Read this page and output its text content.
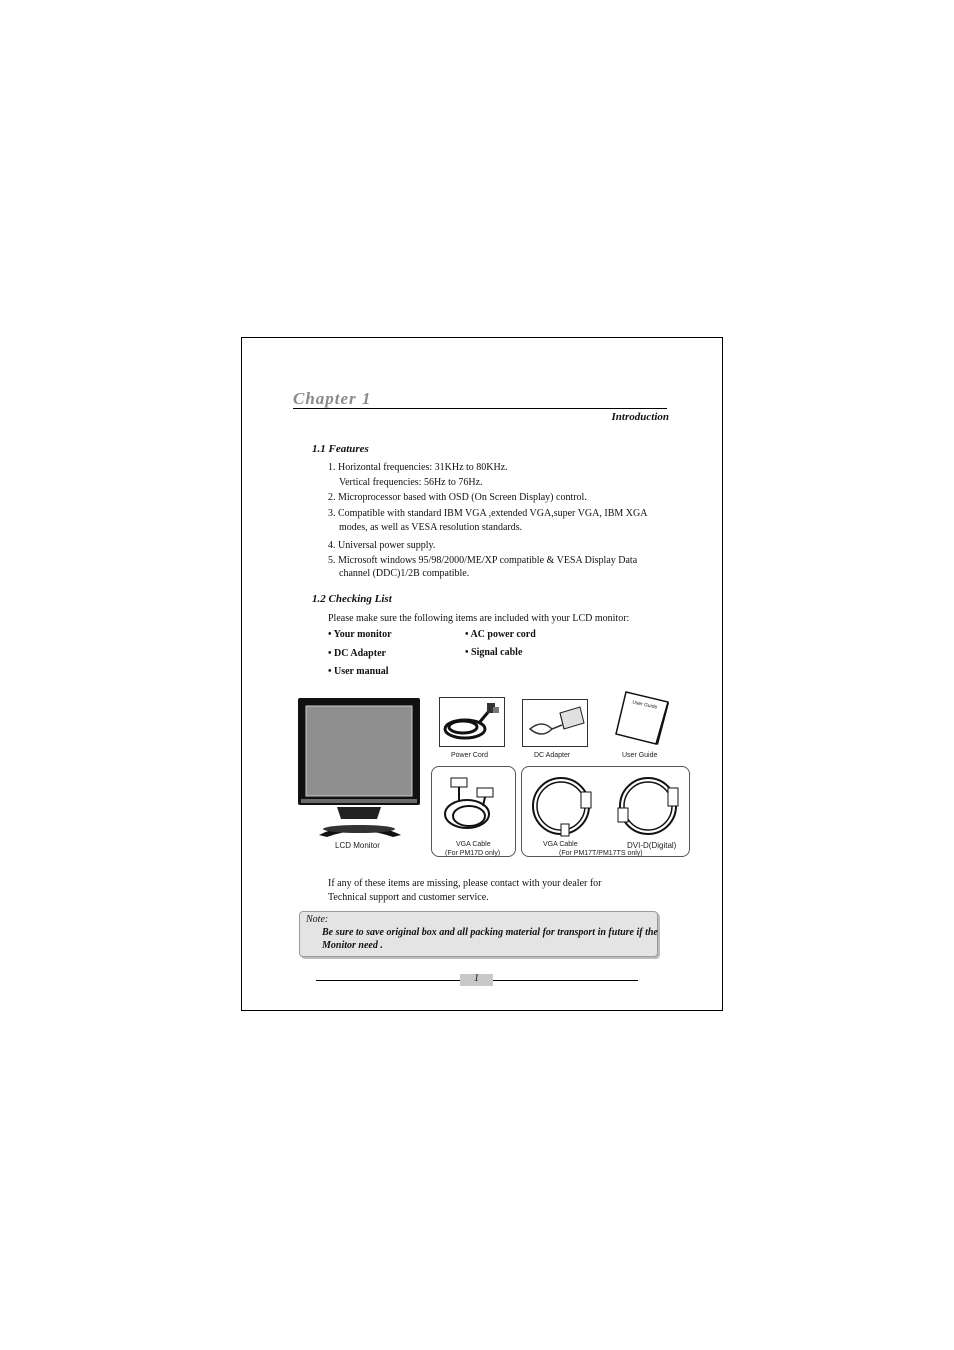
Chapter 1
Introduction
1.1 Features
1. Horizontal frequencies: 31KHz to 80KHz.
Vertical frequencies: 56Hz to 76Hz.
2. Microprocessor based with OSD (On Screen Display) control.
3. Compatible with standard IBM VGA ,extended VGA,super VGA, IBM XGA
modes, as well as VESA resolution standards.
4. Universal power supply.
5. Microsoft windows 95/98/2000/ME/XP compatible & VESA Display Data
channel (DDC)1/2B compatible.
1.2 Checking List
Please make sure the following items are included with your LCD monitor:
• Your monitor	• AC power cord
• DC Adapter	• Signal cable
• User manual
LCD Monitor
Power Cord	DC Adapter
User Guide
User Guide
VGA Cable
(For PM17D only)
VGA Cable	DVI-D(Digital)
(For PM17T/PM17TS only)
If any of these items are missing, please contact with your dealer for
Technical support and customer service.
Note:
Be sure to save original box and all packing material for transport in future if the Monitor need .
1
